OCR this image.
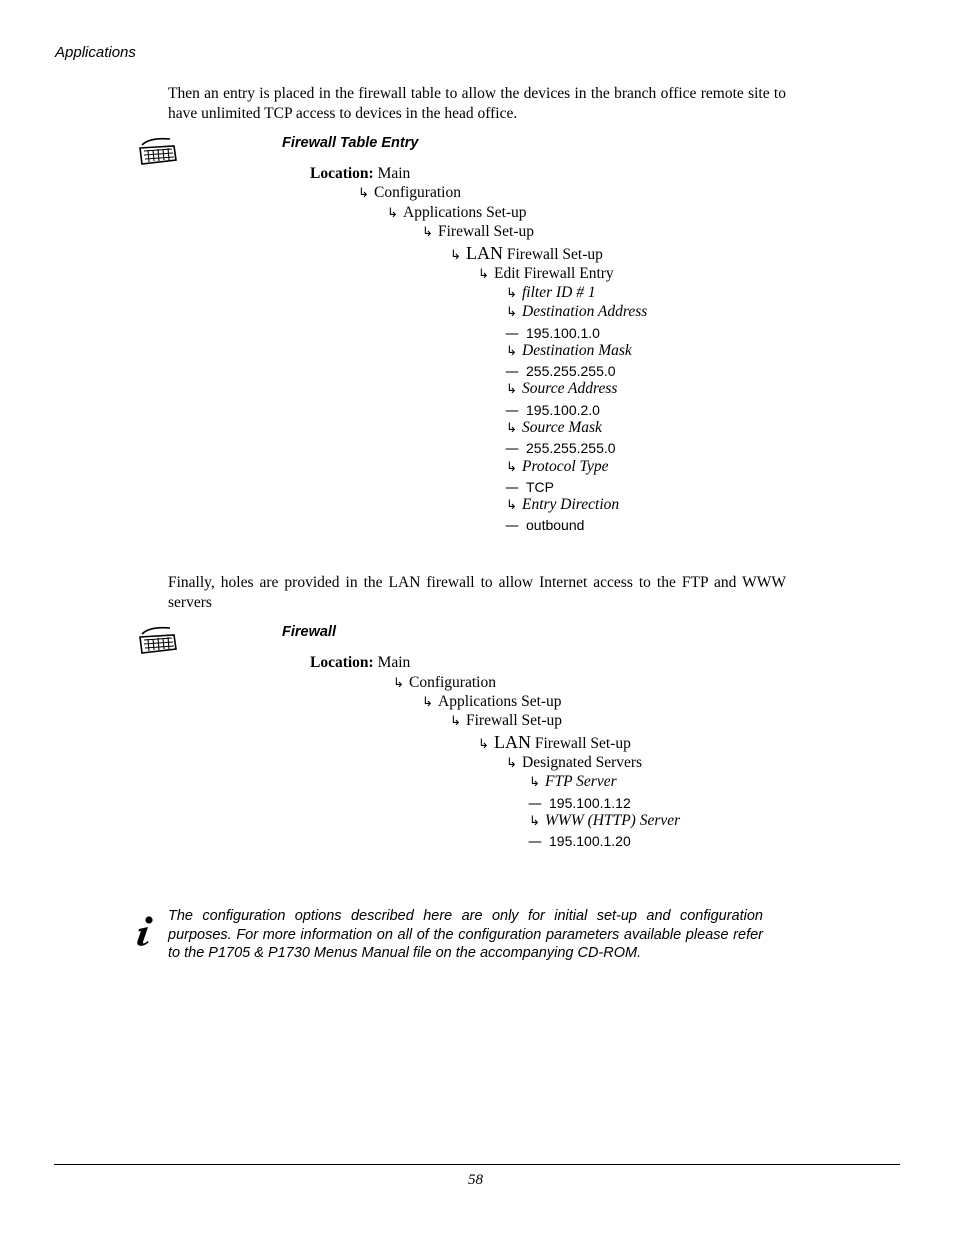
Applications
Then an entry is placed in the firewall table to allow the devices in the branch office remote site to have unlimited TCP access to devices in the head office.
Firewall Table Entry
Location: Main
↳ Configuration
↳ Applications Set-up
↳ Firewall Set-up
↳ LAN Firewall Set-up
↳ Edit Firewall Entry
↳ filter ID # 1
↳ Destination Address
— 195.100.1.0
↳ Destination Mask
— 255.255.255.0
↳ Source Address
— 195.100.2.0
↳ Source Mask
— 255.255.255.0
↳ Protocol Type
— TCP
↳ Entry Direction
— outbound
Finally, holes are provided in the LAN firewall to allow Internet access to the FTP and WWW servers
Firewall
Location: Main
↳ Configuration
↳ Applications Set-up
↳ Firewall Set-up
↳ LAN Firewall Set-up
↳ Designated Servers
↳ FTP Server
— 195.100.1.12
↳ WWW (HTTP) Server
— 195.100.1.20
The configuration options described here are only for initial set-up and configuration purposes. For more information on all of the configuration parameters available please refer to the P1705 & P1730 Menus Manual file on the accompanying CD-ROM.
58
